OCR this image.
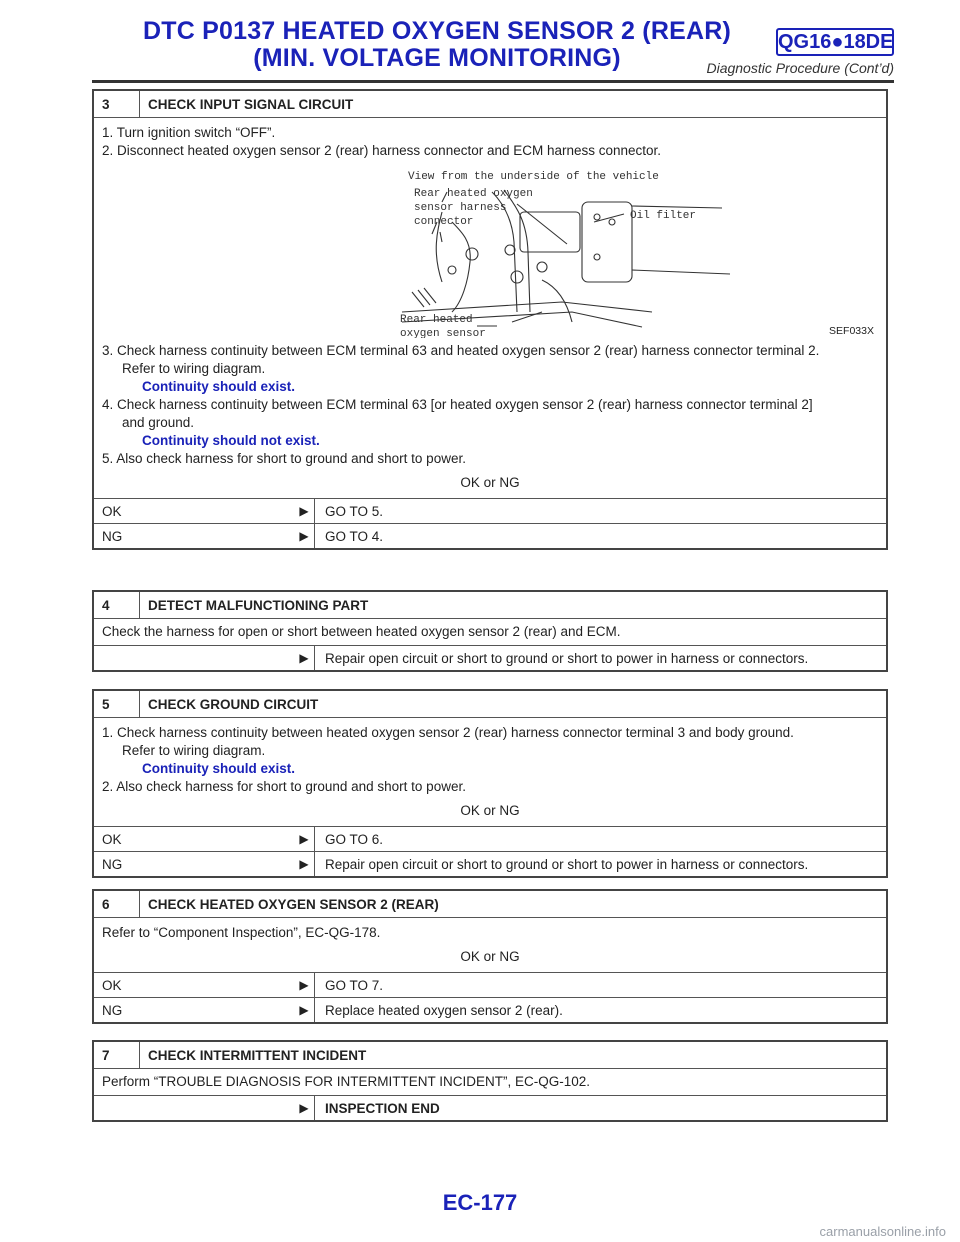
DTC P0137 HEATED OXYGEN SENSOR 2 (REAR)
(MIN. VOLTAGE MONITORING)
QG16●18DE
Diagnostic Procedure (Cont’d)
3	CHECK INPUT SIGNAL CIRCUIT
1. Turn ignition switch “OFF”.
2. Disconnect heated oxygen sensor 2 (rear) harness connector and ECM harness connector.
View from the underside of the vehicle
Rear heated oxygen
sensor harness
connector	Oil filter
Rear heated
oxygen sensor	SEF033X
3. Check harness continuity between ECM terminal 63 and heated oxygen sensor 2 (rear) harness connector terminal 2.
Refer to wiring diagram.
Continuity should exist.
4. Check harness continuity between ECM terminal 63 [or heated oxygen sensor 2 (rear) harness connector terminal 2]
and ground.
Continuity should not exist.
5. Also check harness for short to ground and short to power.
OK or NG
OK	▶	GO TO 5.
NG	▶	GO TO 4.
4	DETECT MALFUNCTIONING PART
Check the harness for open or short between heated oxygen sensor 2 (rear) and ECM.
▶	Repair open circuit or short to ground or short to power in harness or connectors.
5	CHECK GROUND CIRCUIT
1. Check harness continuity between heated oxygen sensor 2 (rear) harness connector terminal 3 and body ground.
Refer to wiring diagram.
Continuity should exist.
2. Also check harness for short to ground and short to power.
OK or NG
OK	▶	GO TO 6.
NG	▶	Repair open circuit or short to ground or short to power in harness or connectors.
6	CHECK HEATED OXYGEN SENSOR 2 (REAR)
Refer to “Component Inspection”, EC-QG-178.
OK or NG
OK	▶	GO TO 7.
NG	▶	Replace heated oxygen sensor 2 (rear).
7	CHECK INTERMITTENT INCIDENT
Perform “TROUBLE DIAGNOSIS FOR INTERMITTENT INCIDENT”, EC-QG-102.
▶	INSPECTION END
EC-177
carmanualsonline.info
